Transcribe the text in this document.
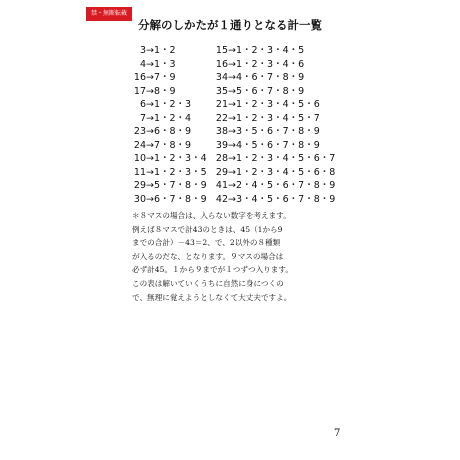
禁・無断転載
分解のしかたが１通りとなる計一覧
3→1・2	15→1・2・3・4・5
4→1・3	16→1・2・3・4・6
16→7・9	34→4・6・7・8・9
17→8・9	35→5・6・7・8・9
6→1・2・3	21→1・2・3・4・5・6
7→1・2・4	22→1・2・3・4・5・7
23→6・8・9	38→3・5・6・7・8・9
24→7・8・9	39→4・5・6・7・8・9
10→1・2・3・4 28→1・2・3・4・5・6・7
11→1・2・3・5 29→1・2・3・4・5・6・8
29→5・7・8・9 41→2・4・5・6・7・8・9
30→6・7・8・9 42→3・4・5・6・7・8・9

＊８マスの場合は、入らない数字を考えます。

例えば８マスで計43のときは、45（1から9

までの合計）－43＝2、で、2以外の８種類

が入るのだな、となります。９マスの場合は

必ず計45。１から９までが１つずつ入ります。

この表は解いていくうちに自然に身につくの

で、無理に覚えようとしなくて大丈夫ですよ。

7
